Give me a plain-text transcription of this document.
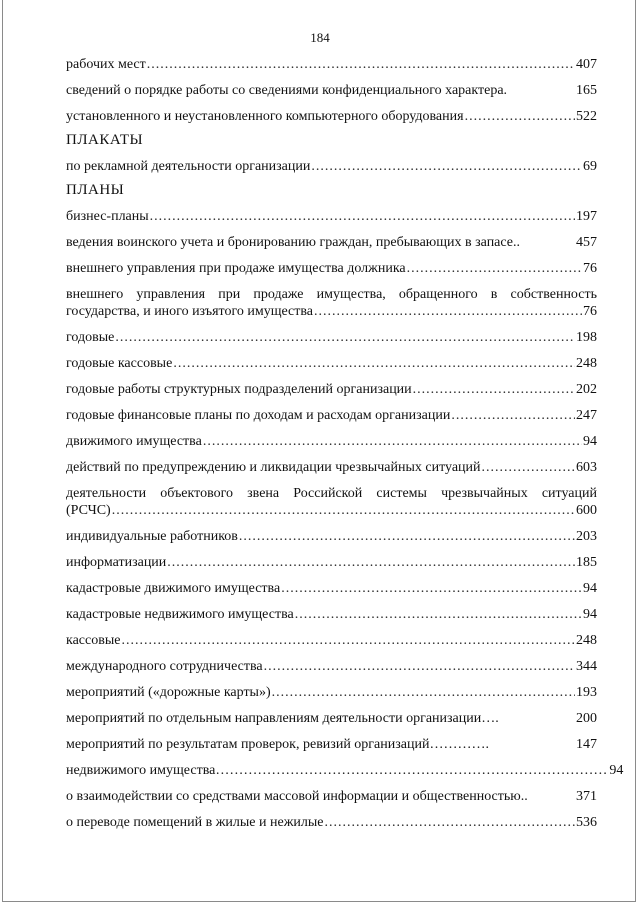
184
рабочих мест .....	407
сведений о порядке работы со сведениями конфиденциального характера .	165
установленного и неустановленного компьютерного оборудования .....	522
ПЛАКАТЫ
по рекламной деятельности организации .....	69
ПЛАНЫ
бизнес-планы .....	197
ведения воинского учета и бронированию граждан, пребывающих в запасе ..	457
внешнего управления при продаже имущества должника .....	76
внешнего управления при продаже имущества, обращенного в собственность
государства, и иного изъятого имущества .....	76
годовые .....	198
годовые кассовые .....	248
годовые работы структурных подразделений организации .....	202
годовые финансовые планы по доходам и расходам организации .....	247
движимого имущества .....	94
действий по предупреждению и ликвидации чрезвычайных ситуаций .....	603
деятельности объектового звена Российской системы чрезвычайных ситуаций
(РСЧС) .....	600
индивидуальные работников .....	203
информатизации .....	185
кадастровые движимого имущества .....	94
кадастровые недвижимого имущества .....	94
кассовые .....	248
международного сотрудничества .....	344
мероприятий («дорожные карты») .....	193
мероприятий по отдельным направлениям деятельности организации ….	200
мероприятий по результатам проверок, ревизий организаций ………….	147
недвижимого имущества ………………………………………………………………………… 94
о взаимодействии со средствами массовой информации и общественностью ..	371
о переводе помещений в жилые и нежилые .....	536
